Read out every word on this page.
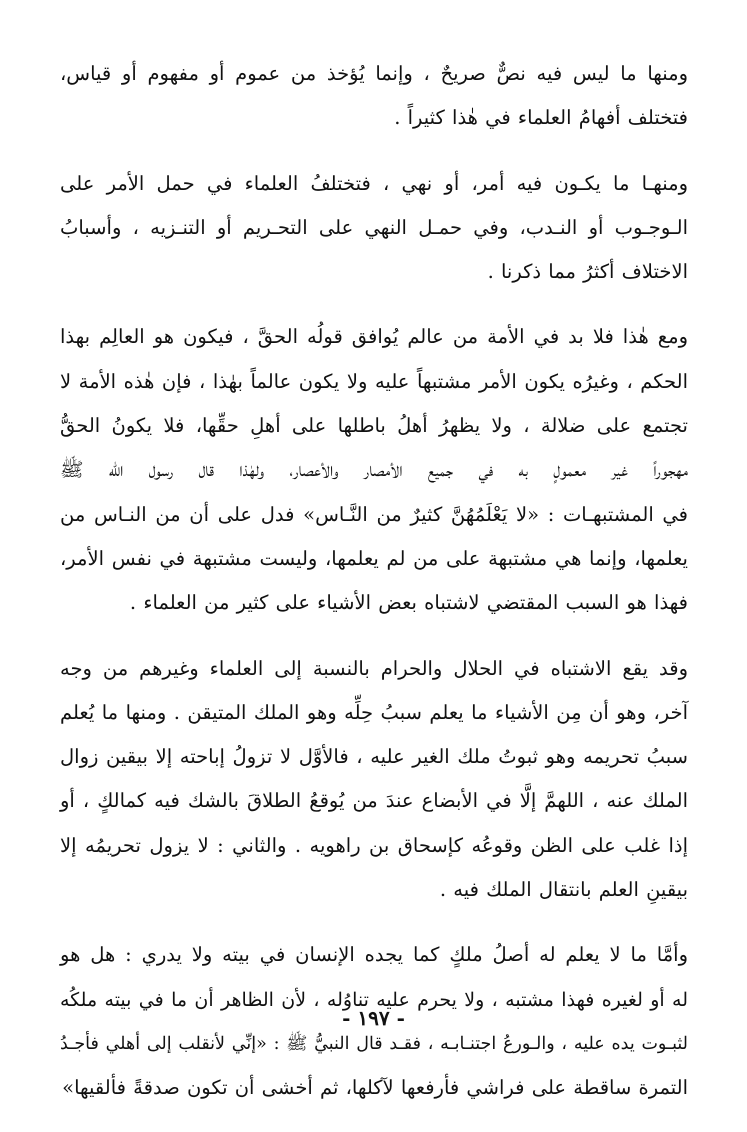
ومنها ما ليس فيه نصٌّ صريحٌ ، وإنما يُؤخذ من عموم أو مفهوم أو قياس،
فتختلف أفهامُ العلماء في هٰذا كثيراً .
ومنهـا ما يكـون فيه أمر، أو نهي ، فتختلفُ العلماء في حمل الأمر على
الـوجـوب أو النـدب، وفي حمـل النهي على التحـريم أو التنـزيه ، وأسبابُ
الاختلاف أكثرُ مما ذكرنا .
ومع هٰذا فلا بد في الأمة من عالم يُوافق قولُه الحقَّ ، فيكون هو العالِم بهذا
الحكم ، وغيرُه يكون الأمر مشتبهاً عليه ولا يكون عالماً بهٰذا ، فإن هٰذه الأمة لا
تجتمع على ضلالة ، ولا يظهرُ أهلُ باطلها على أهلِ حقِّها، فلا يكونُ الحقُّ
مهجوراً غير معمولٍ به في جميع الأمصار والأعصار، ولهٰذا قال رسول الله ﷺ
في المشتبهـات : «لا يَعْلَمُهُنَّ كثيرٌ من النَّـاس» فدل على أن من النـاس من
يعلمها، وإنما هي مشتبهة على من لم يعلمها، وليست مشتبهة في نفس الأمر،
فهذا هو السبب المقتضي لاشتباه بعض الأشياء على كثير من العلماء .
وقد يقع الاشتباه في الحلال والحرام بالنسبة إلى العلماء وغيرهم من وجه
آخر، وهو أن مِن الأشياء ما يعلم سببُ حِلِّه وهو الملك المتيقن . ومنها ما يُعلم
سببُ تحريمه وهو ثبوتُ ملك الغير عليه ، فالأوَّل لا تزولُ إباحته إلا بيقين زوال
الملك عنه ، اللهمَّ إلَّا في الأبضاع عندَ من يُوقعُ الطلاقَ بالشك فيه كمالكٍ ، أو
إذا غلب على الظن وقوعُه كإسحاق بن راهويه . والثاني : لا يزول تحريمُه إلا
بيقينِ العلم بانتقال الملك فيه .
وأمَّا ما لا يعلم له أصلُ ملكٍ كما يجده الإنسان في بيته ولا يدري : هل هو
له أو لغيره فهذا مشتبه ، ولا يحرم عليه تناوُله ، لأن الظاهر أن ما في بيته ملكُه
لثبـوت يده عليه ، والـورعُ اجتنـابـه ، فقـد قال النبيُّ ﷺ : «إنِّي لأنقلب إلى أهلي فأجـدُ
التمرة ساقطة على فراشي فأرفعها لآكلها، ثم أخشى أن تكون صدقةً فألقيها»
- ١٩٧ -
